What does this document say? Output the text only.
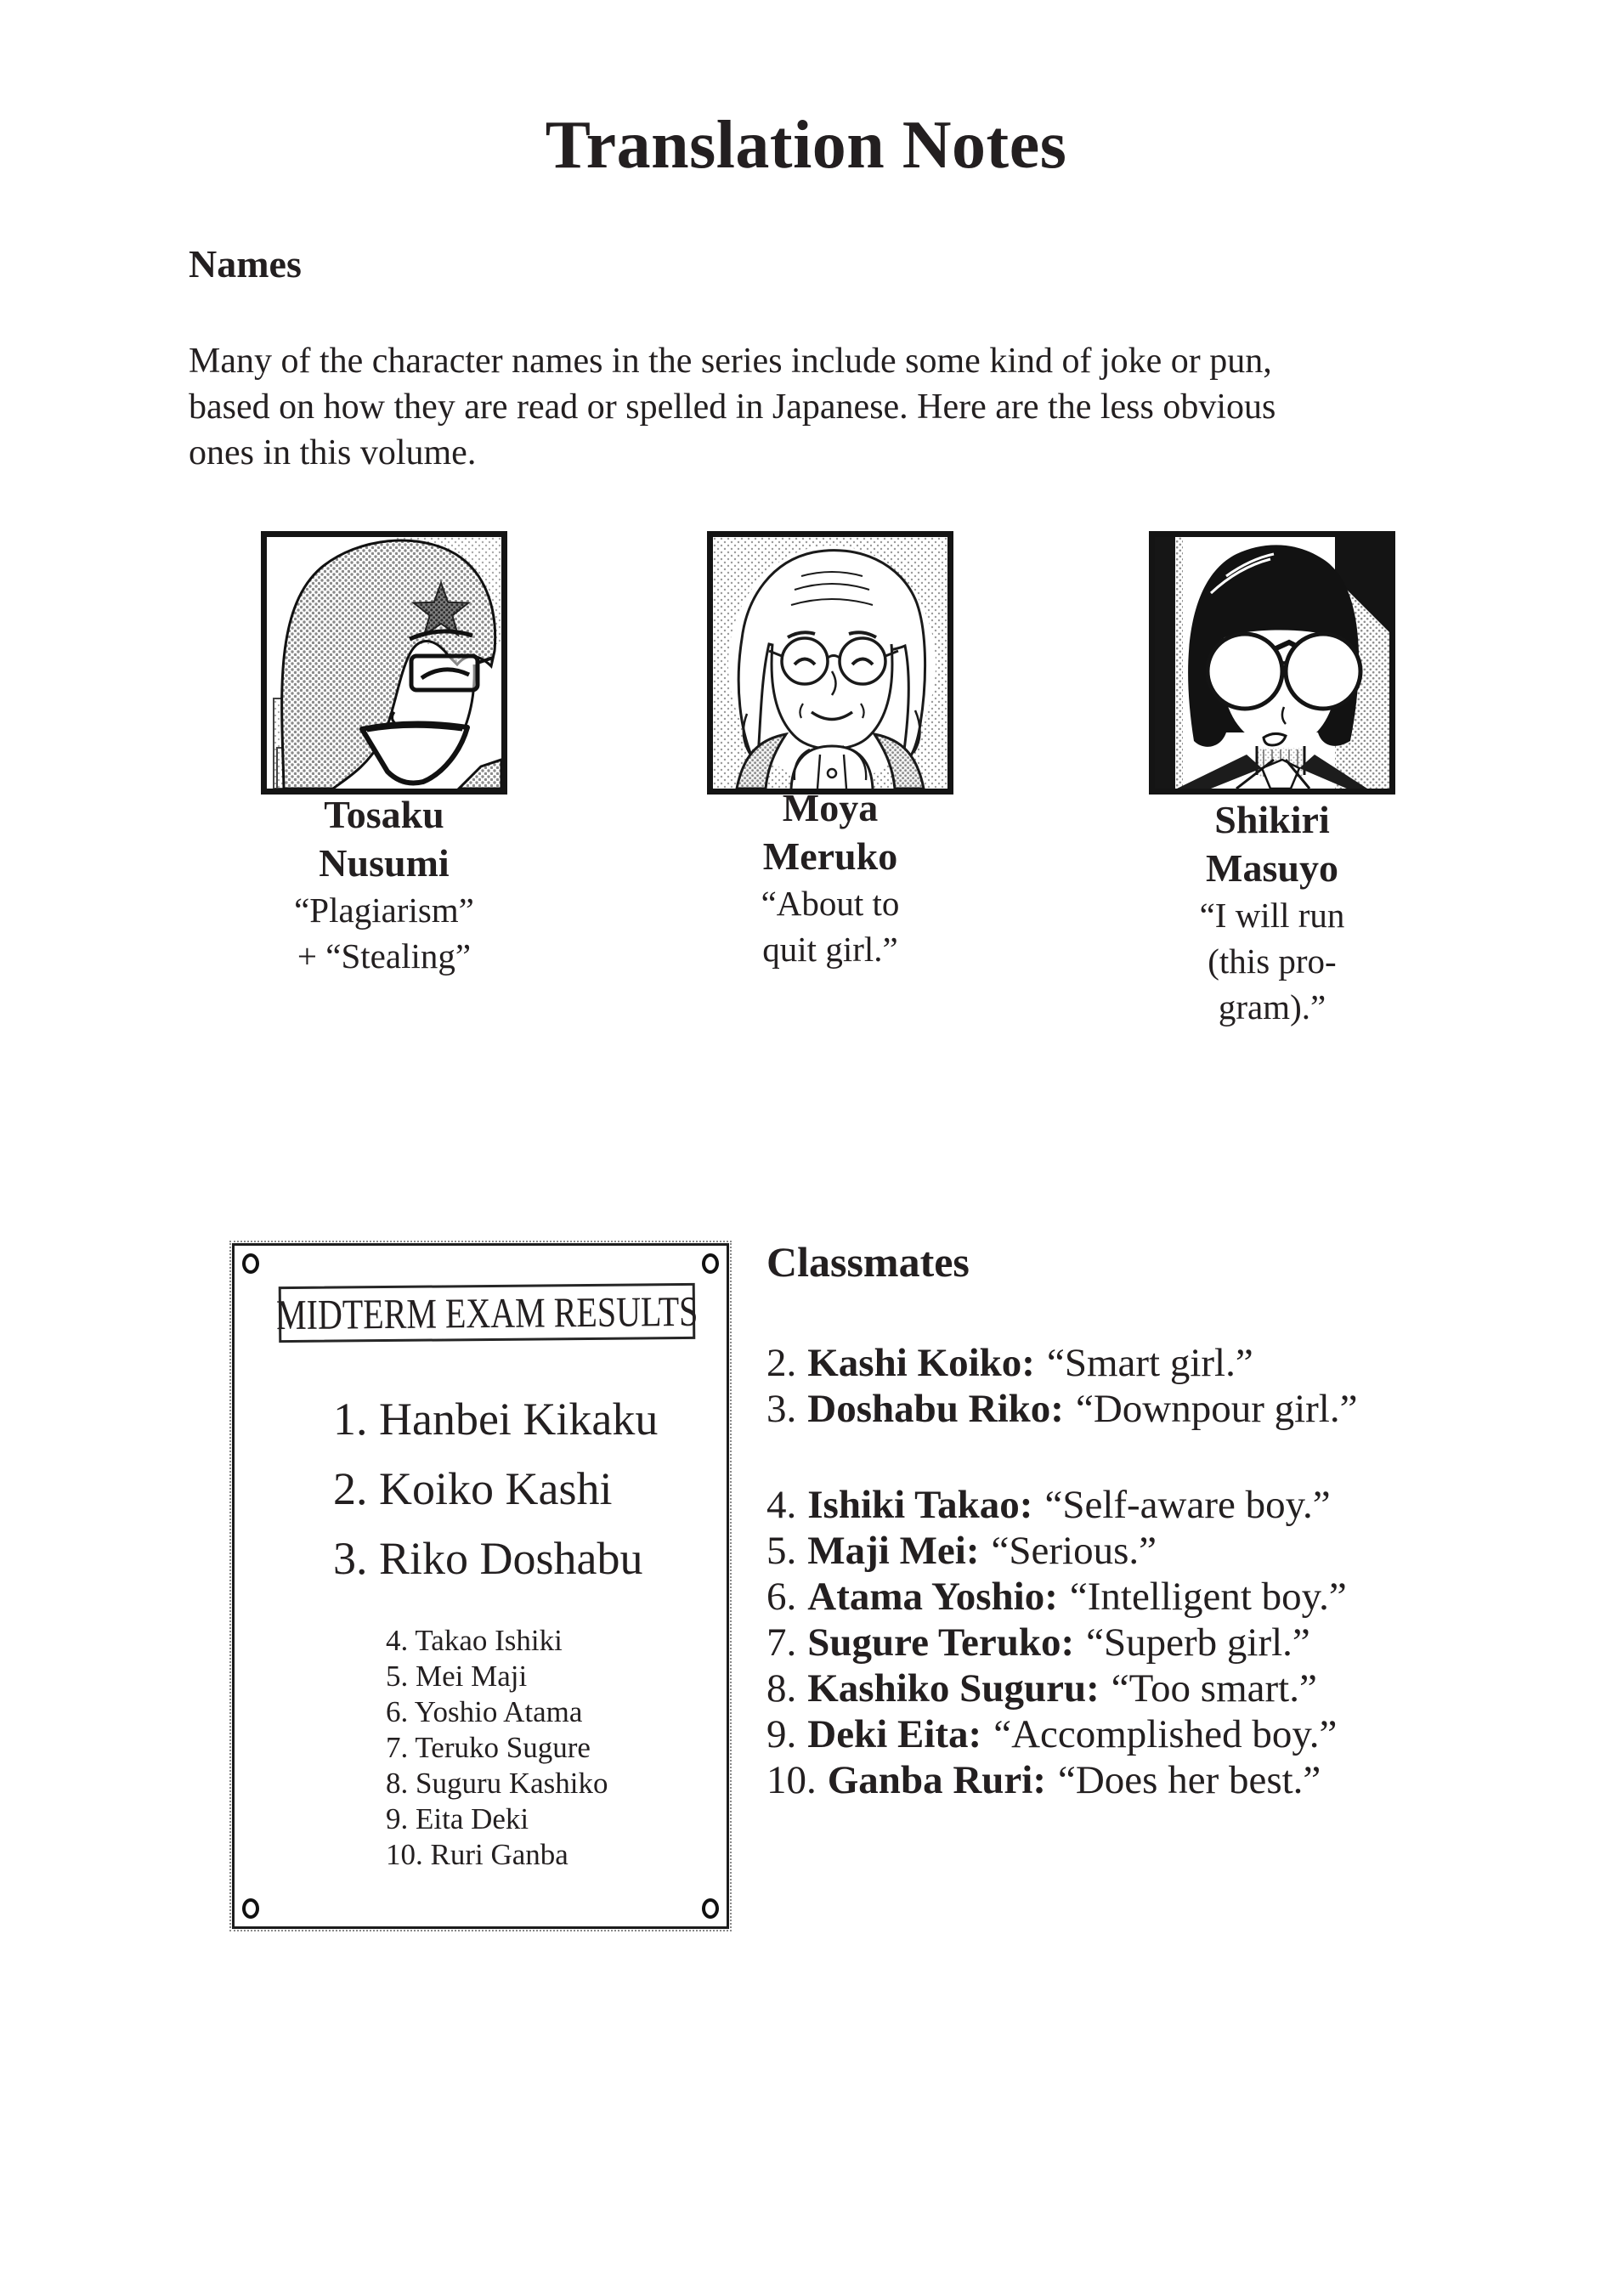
Translation Notes
Names
Many of the character names in the series include some kind of joke or pun,
based on how they are read or spelled in Japanese. Here are the less obvious
ones in this volume.
Tosaku
Nusumi
“Plagiarism”
+ “Stealing”
Moya
Meruko
“About to
quit girl.”
Shikiri
Masuyo
“I will run
(this pro-
gram).”
MIDTERM EXAM RESULTS
1. Hanbei Kikaku
2. Koiko Kashi
3. Riko Doshabu
4. Takao Ishiki
5. Mei Maji
6. Yoshio Atama
7. Teruko Sugure
8. Suguru Kashiko
9. Eita Deki
10. Ruri Ganba
Classmates
2. Kashi Koiko: “Smart girl.”
3. Doshabu Riko: “Downpour girl.”
4. Ishiki Takao: “Self-aware boy.”
5. Maji Mei: “Serious.”
6. Atama Yoshio: “Intelligent boy.”
7. Sugure Teruko: “Superb girl.”
8. Kashiko Suguru: “Too smart.”
9. Deki Eita: “Accomplished boy.”
10. Ganba Ruri: “Does her best.”
